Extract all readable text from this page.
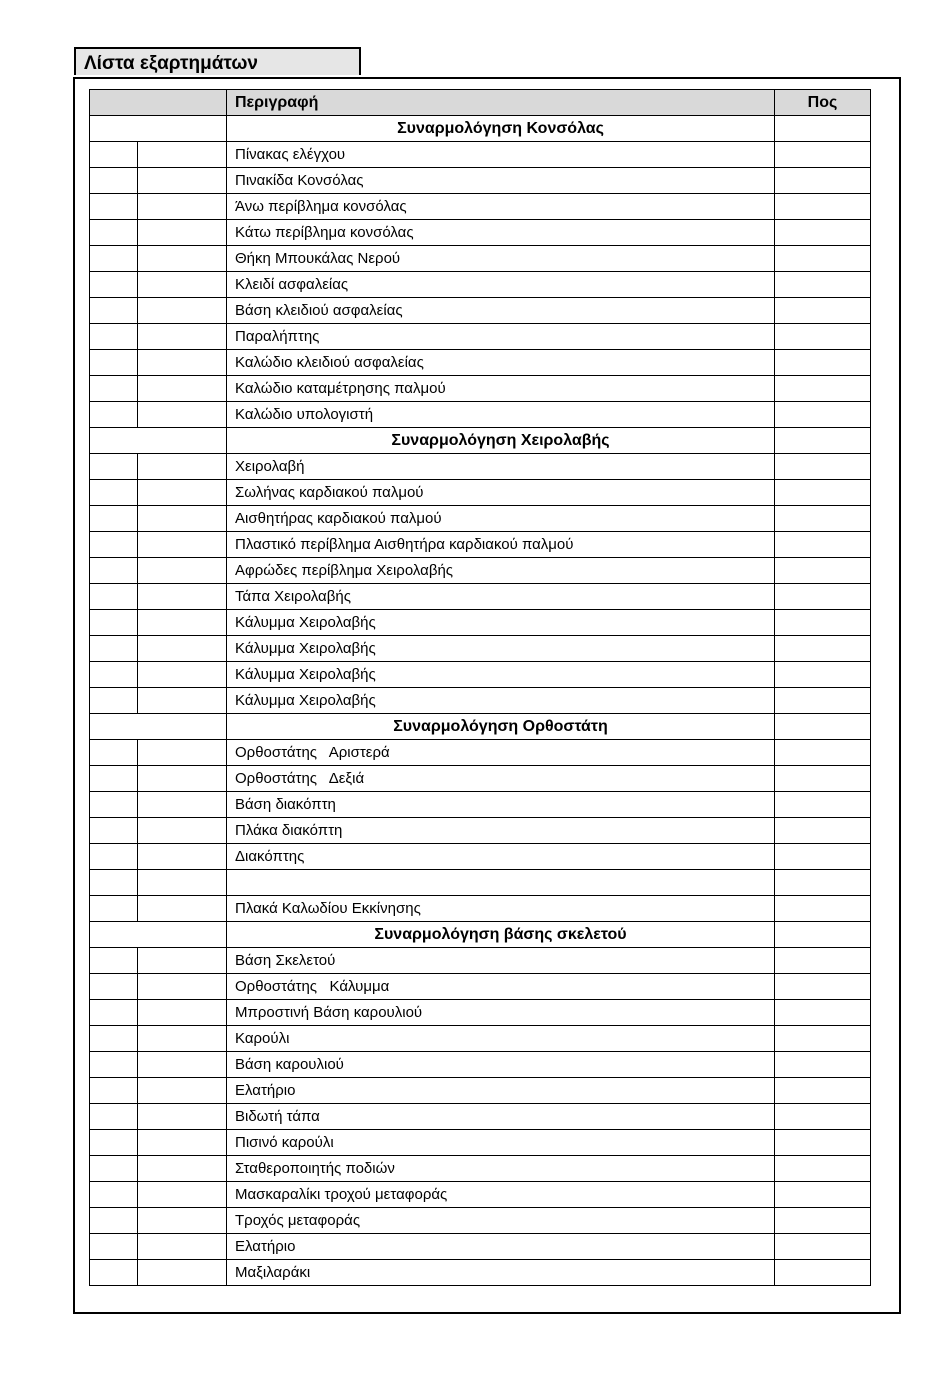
Λίστα εξαρτημάτων
		Περιγραφή	Πος
		Συναρμολόγηση Κονσόλας	
		Πίνακας ελέγχου	
		Πινακίδα Κονσόλας	
		Άνω περίβλημα κονσόλας	
		Κάτω περίβλημα κονσόλας	
		Θήκη Μπουκάλας Νερού	
		Κλειδί ασφαλείας	
		Βάση κλειδιού ασφαλείας	
		Παραλήπτης	
		Καλώδιο κλειδιού ασφαλείας	
		Καλώδιο καταμέτρησης παλμού	
		Καλώδιο υπολογιστή	
		Συναρμολόγηση Χειρολαβής	
		Χειρολαβή	
		Σωλήνας καρδιακού παλμού	
		Αισθητήρας καρδιακού παλμού	
		Πλαστικό περίβλημα Αισθητήρα καρδιακού παλμού	
		Αφρώδες περίβλημα Χειρολαβής	
		Τάπα Χειρολαβής	
		Κάλυμμα Χειρολαβής	
		Κάλυμμα Χειρολαβής	
		Κάλυμμα Χειρολαβής	
		Κάλυμμα Χειρολαβής	
		Συναρμολόγηση Ορθοστάτη	
		Ορθοστάτης   Αριστερά	
		Ορθοστάτης   Δεξιά	
		Βάση διακόπτη	
		Πλάκα διακόπτη	
		Διακόπτης	

		Πλακά Καλωδίου Εκκίνησης	
		Συναρμολόγηση βάσης σκελετού	
		Βάση Σκελετού	
		Ορθοστάτης   Κάλυμμα	
		Μπροστινή Βάση καρουλιού	
		Καρούλι	
		Βάση καρουλιού	
		Ελατήριο	
		Βιδωτή τάπα	
		Πισινό καρούλι	
		Σταθεροποιητής ποδιών	
		Μασκαραλίκι τροχού μεταφοράς	
		Τροχός μεταφοράς	
		Ελατήριο	
		Μαξιλαράκι	
